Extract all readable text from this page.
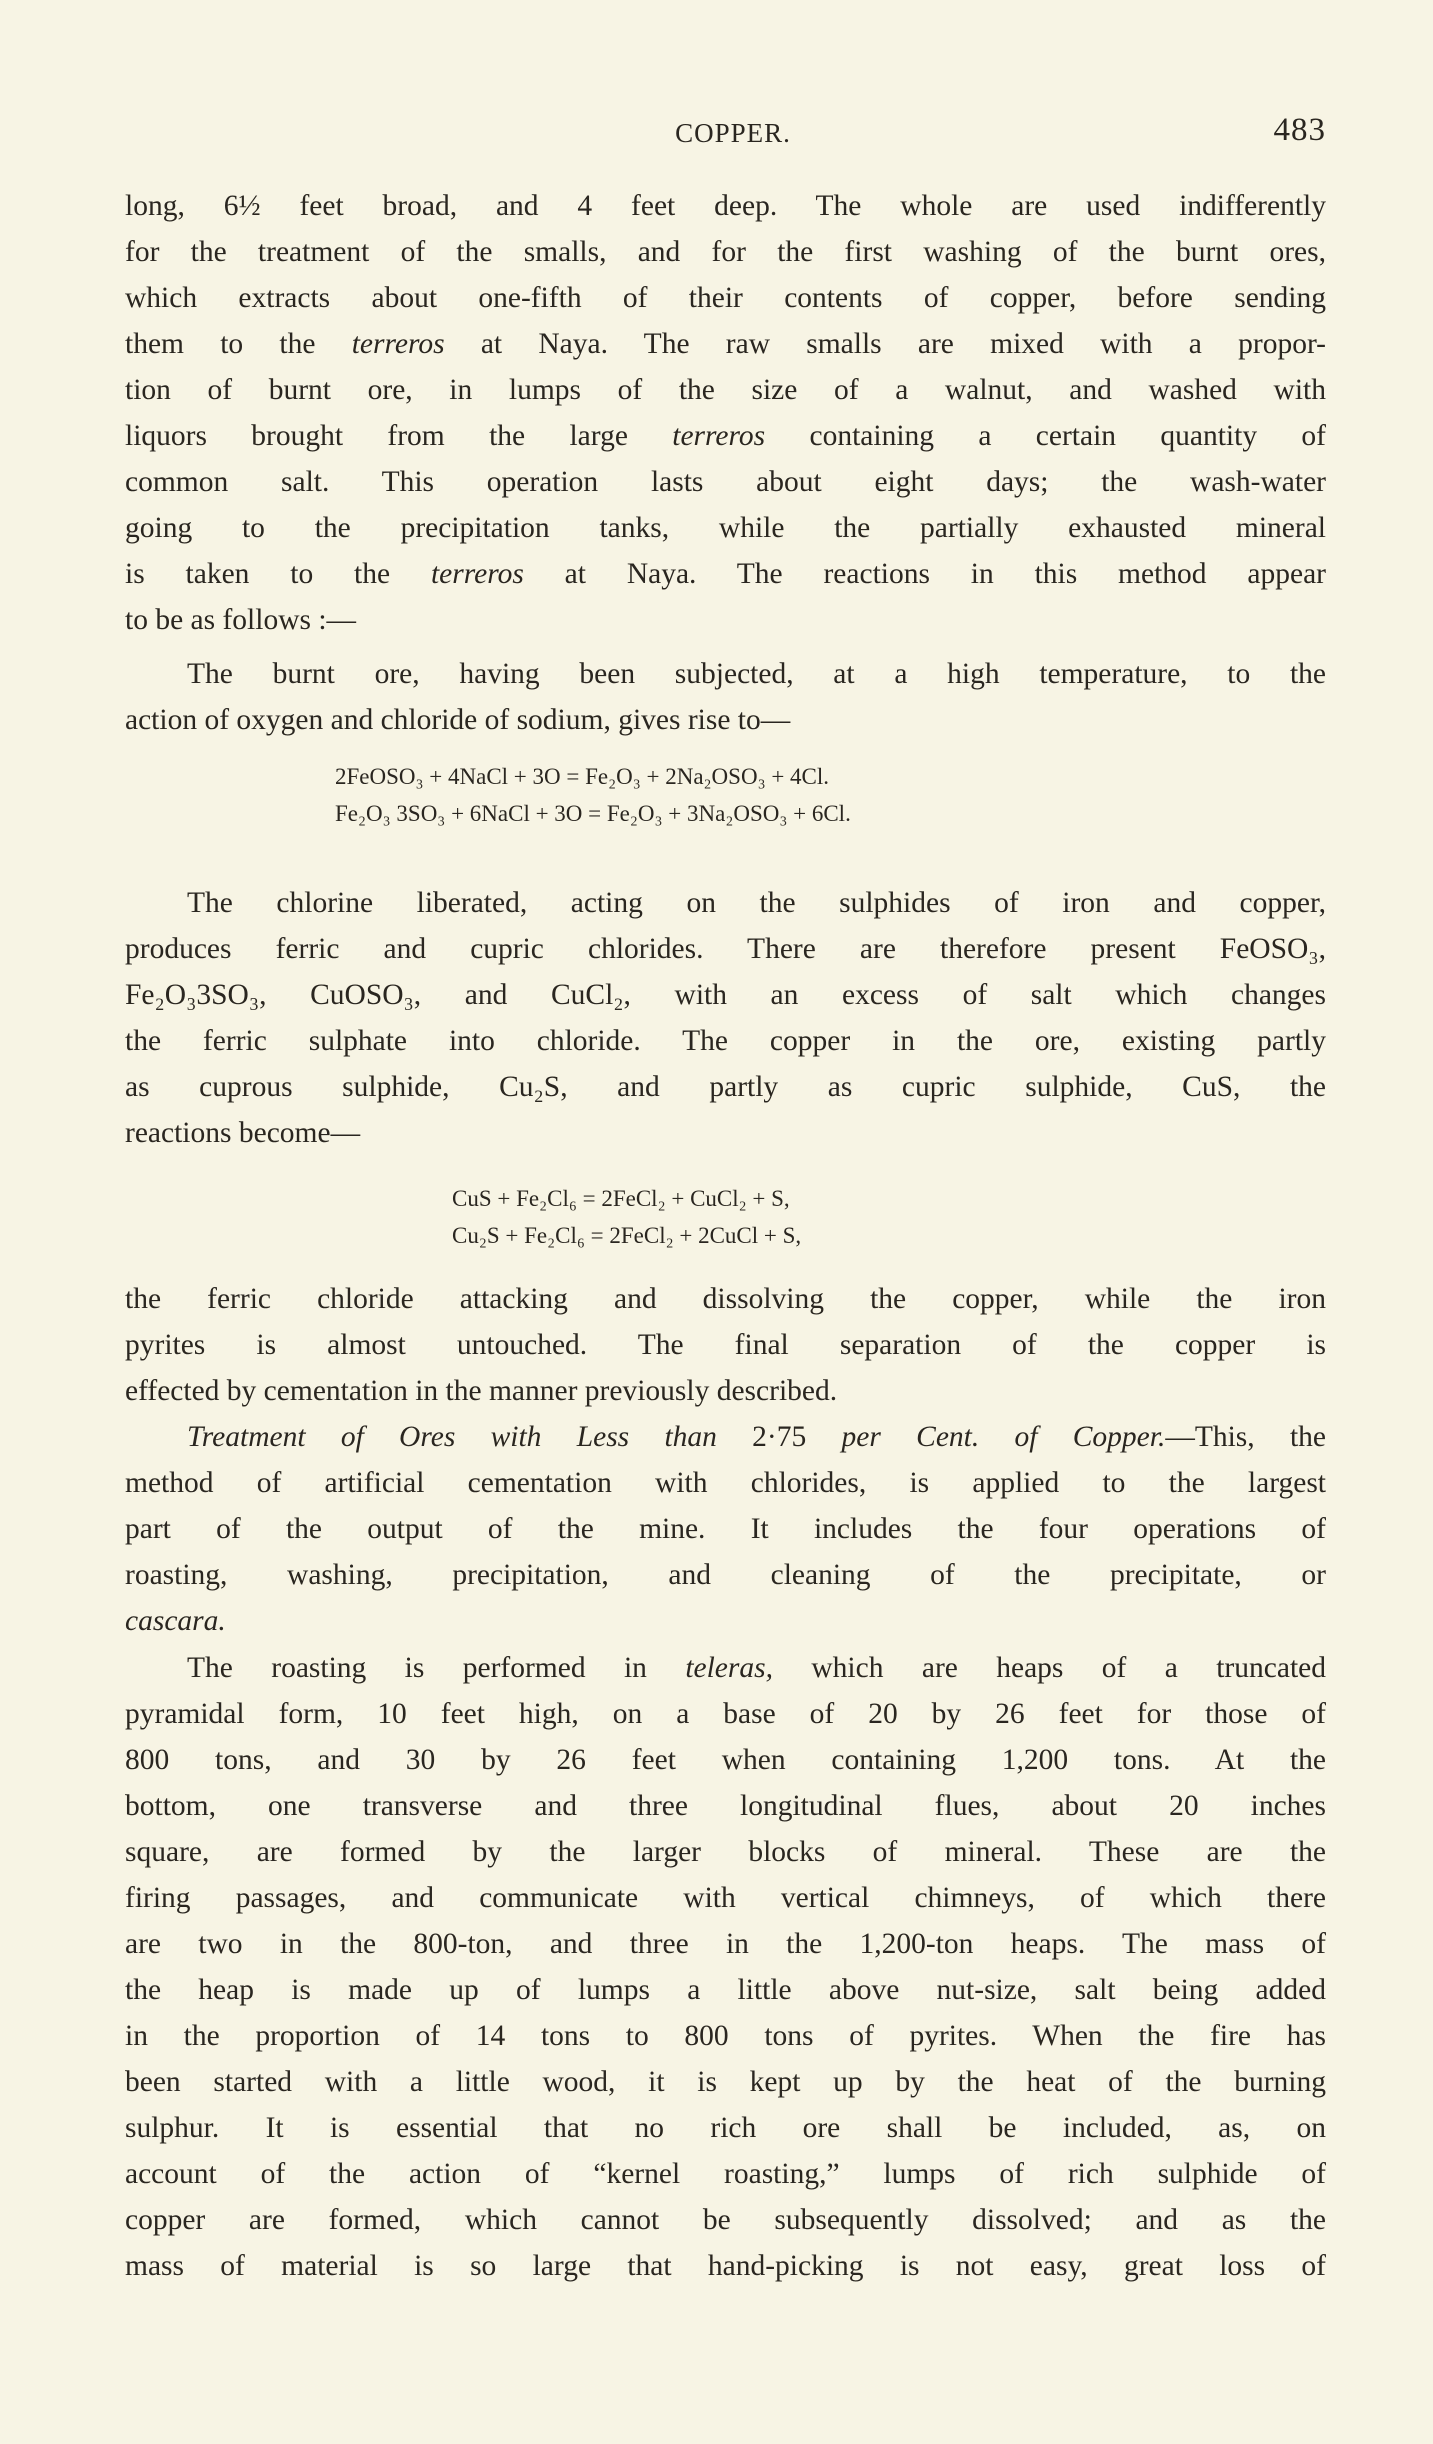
COPPER.	483
long, 6½ feet broad, and 4 feet deep. The whole are used indifferently
for the treatment of the smalls, and for the first washing of the burnt ores,
which extracts about one-fifth of their contents of copper, before sending
them to the terreros at Naya. The raw smalls are mixed with a propor-
tion of burnt ore, in lumps of the size of a walnut, and washed with
liquors brought from the large terreros containing a certain quantity of
common salt. This operation lasts about eight days; the wash-water
going to the precipitation tanks, while the partially exhausted mineral
is taken to the terreros at Naya. The reactions in this method appear
to be as follows :—
The burnt ore, having been subjected, at a high temperature, to the
action of oxygen and chloride of sodium, gives rise to—
2FeOSO₃ + 4NaCl + 3O = Fe₂O₃ + 2Na₂OSO₃ + 4Cl.
Fe₂O₃ 3SO₃ + 6NaCl + 3O = Fe₂O₃ + 3Na₂OSO₃ + 6Cl.
The chlorine liberated, acting on the sulphides of iron and copper,
produces ferric and cupric chlorides. There are therefore present FeOSO₃,
Fe₂O₃3SO₃, CuOSO₃, and CuCl₂, with an excess of salt which changes
the ferric sulphate into chloride. The copper in the ore, existing partly
as cuprous sulphide, Cu₂S, and partly as cupric sulphide, CuS, the
reactions become—
CuS + Fe₂Cl₆ = 2FeCl₂ + CuCl₂ + S,
Cu₂S + Fe₂Cl₆ = 2FeCl₂ + 2CuCl + S,
the ferric chloride attacking and dissolving the copper, while the iron
pyrites is almost untouched. The final separation of the copper is
effected by cementation in the manner previously described.
Treatment of Ores with Less than 2·75 per Cent. of Copper.—This, the
method of artificial cementation with chlorides, is applied to the largest
part of the output of the mine. It includes the four operations of
roasting, washing, precipitation, and cleaning of the precipitate, or
cascara.
The roasting is performed in teleras, which are heaps of a truncated
pyramidal form, 10 feet high, on a base of 20 by 26 feet for those of
800 tons, and 30 by 26 feet when containing 1,200 tons. At the
bottom, one transverse and three longitudinal flues, about 20 inches
square, are formed by the larger blocks of mineral. These are the
firing passages, and communicate with vertical chimneys, of which there
are two in the 800-ton, and three in the 1,200-ton heaps. The mass of
the heap is made up of lumps a little above nut-size, salt being added
in the proportion of 14 tons to 800 tons of pyrites. When the fire has
been started with a little wood, it is kept up by the heat of the burning
sulphur. It is essential that no rich ore shall be included, as, on
account of the action of “kernel roasting,” lumps of rich sulphide of
copper are formed, which cannot be subsequently dissolved; and as the
mass of material is so large that hand-picking is not easy, great loss of
